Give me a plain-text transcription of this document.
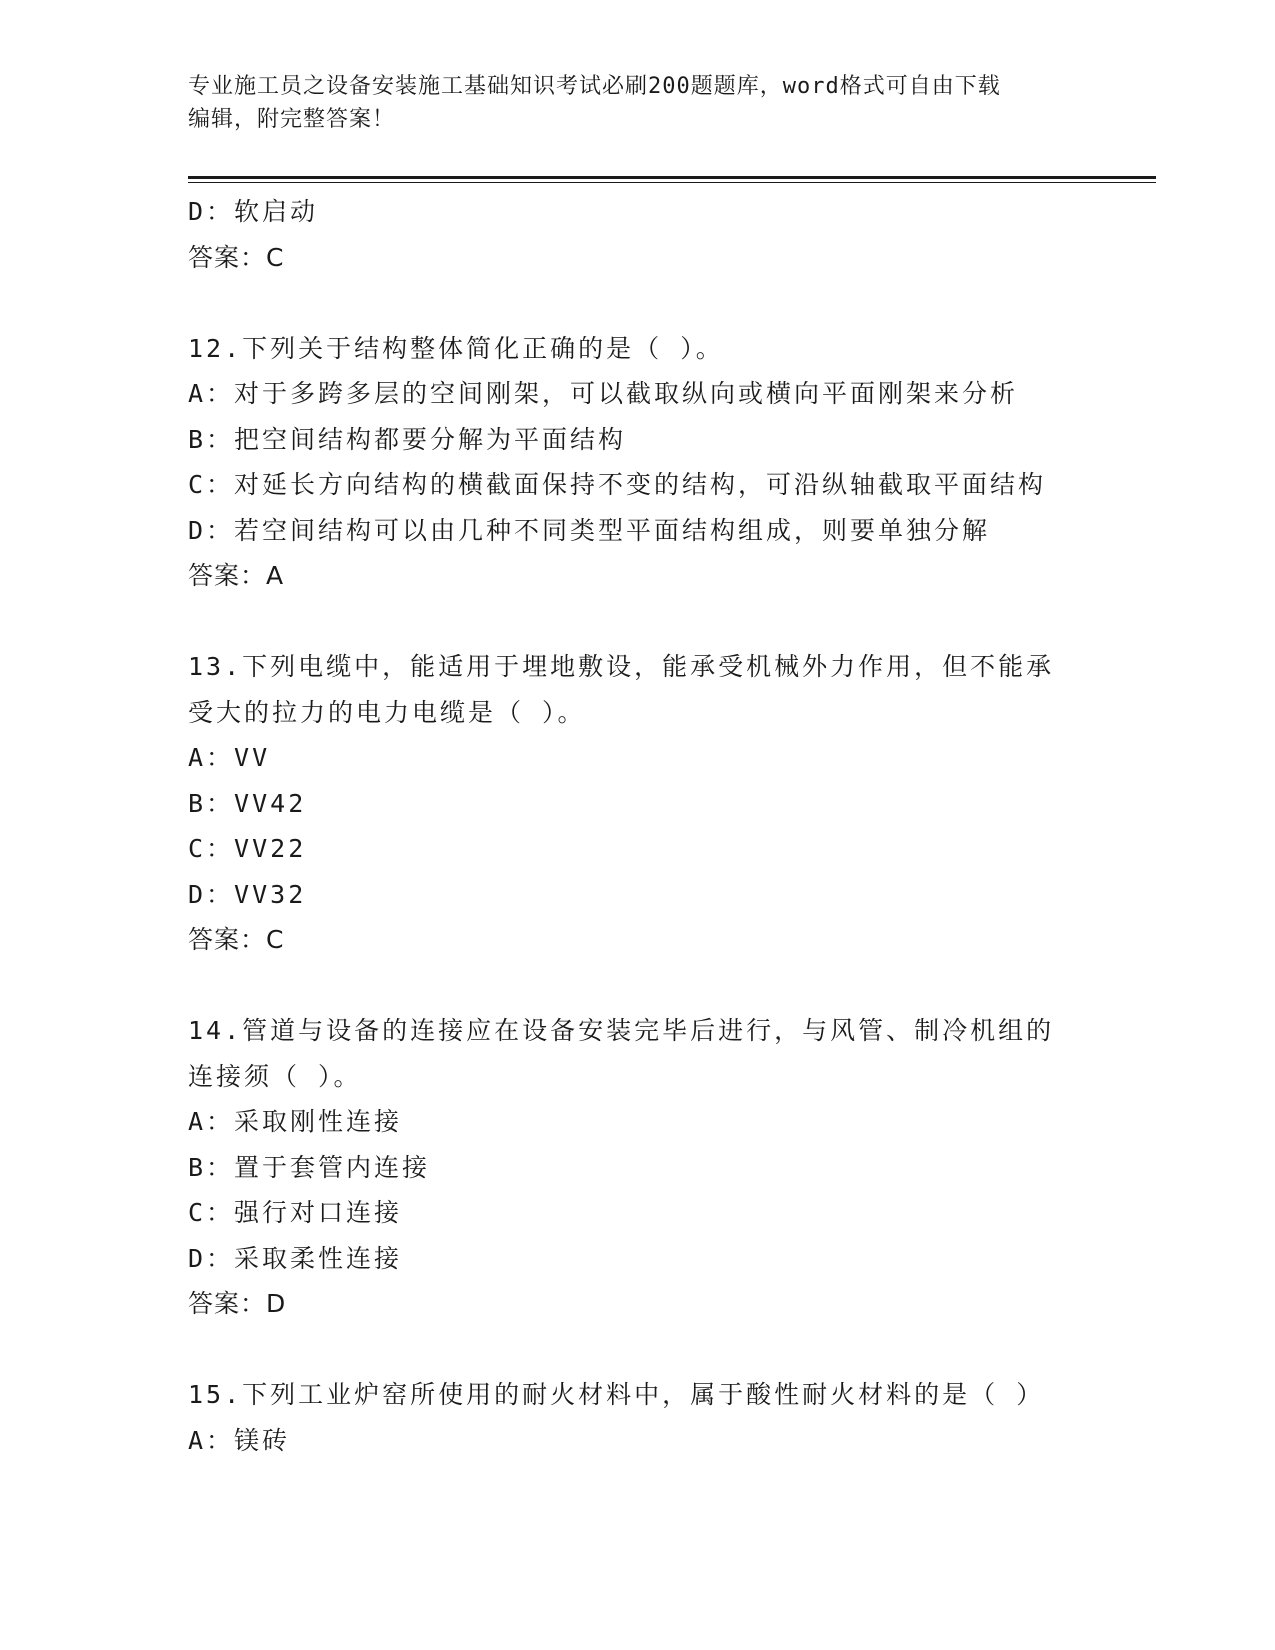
专业施工员之设备安装施工基础知识考试必刷200题题库，word格式可自由下载
编辑，附完整答案！
D：软启动
答案：C
12.下列关于结构整体简化正确的是（ ）。
A：对于多跨多层的空间刚架，可以截取纵向或横向平面刚架来分析
B：把空间结构都要分解为平面结构
C：对延长方向结构的横截面保持不变的结构，可沿纵轴截取平面结构
D：若空间结构可以由几种不同类型平面结构组成，则要单独分解
答案：A
13.下列电缆中，能适用于埋地敷设，能承受机械外力作用，但不能承
受大的拉力的电力电缆是（ ）。
A：VV
B：VV42
C：VV22
D：VV32
答案：C
14.管道与设备的连接应在设备安装完毕后进行，与风管、制冷机组的
连接须（ ）。
A：采取刚性连接
B：置于套管内连接
C：强行对口连接
D：采取柔性连接
答案：D
15.下列工业炉窑所使用的耐火材料中，属于酸性耐火材料的是（ ）
A：镁砖
